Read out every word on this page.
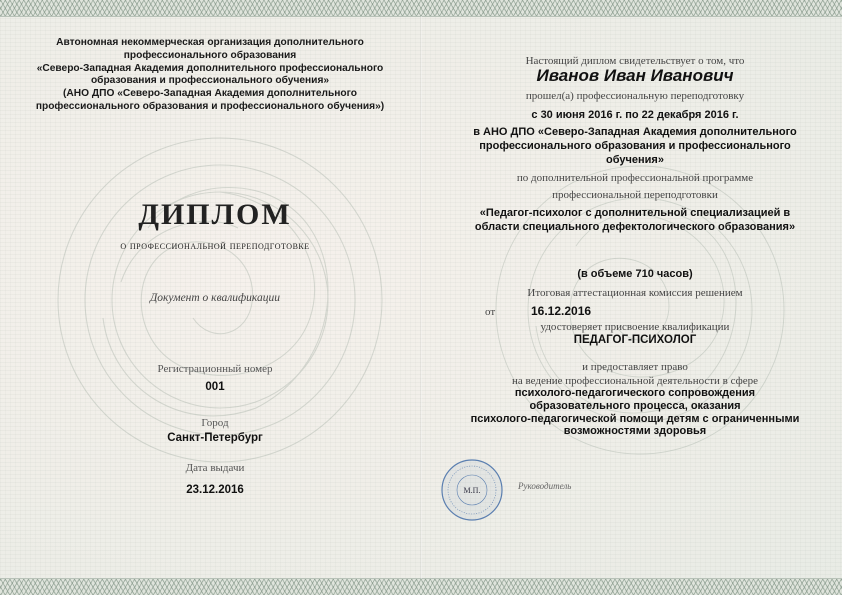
Автономная некоммерческая организация дополнительного
профессионального образования
«Северо-Западная Академия дополнительного профессионального
образования и профессионального обучения»
(АНО ДПО «Северо-Западная Академия дополнительного
профессионального образования и профессионального обучения»)
ДИПЛОМ
о профессиональной переподготовке
Документ о квалификации
Регистрационный номер
001
Город
Санкт-Петербург
Дата выдачи
23.12.2016
Настоящий диплом свидетельствует о том, что
Иванов Иван Иванович
прошел(а) профессиональную переподготовку
с 30 июня 2016 г. по 22 декабря 2016 г.
в АНО ДПО «Северо-Западная Академия дополнительного
профессионального образования и профессионального
обучения»
по дополнительной профессиональной программе
профессиональной переподготовки
«Педагог-психолог с дополнительной специализацией в
области специального дефектологического образования»
(в объеме 710 часов)
Итоговая аттестационная комиссия решением
от	16.12.2016
удостоверяет присвоение квалификации
ПЕДАГОГ-ПСИХОЛОГ
и предоставляет право
на ведение профессиональной деятельности в сфере
психолого-педагогического сопровождения
образовательного процесса, оказания
психолого-педагогической помощи детям с ограниченными
возможностями здоровья
М.П.	Руководитель
